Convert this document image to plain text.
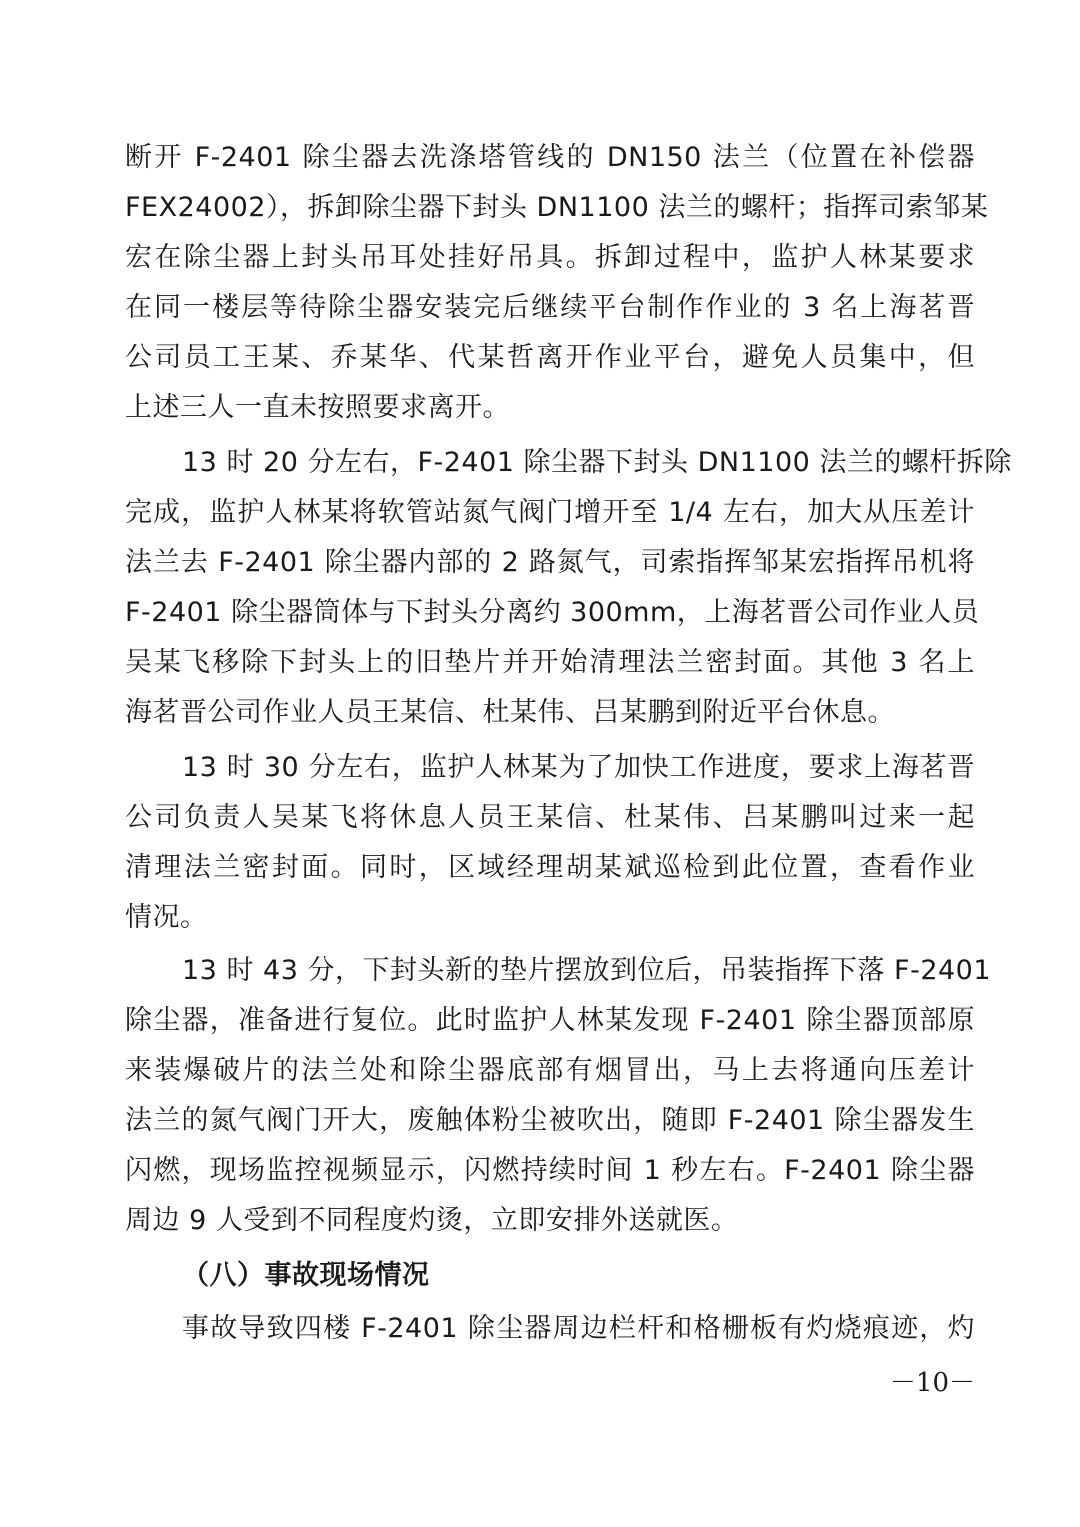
断开 F-2401 除尘器去洗涤塔管线的 DN150 法兰（位置在补偿器
FEX24002），拆卸除尘器下封头 DN1100 法兰的螺杆；指挥司索邹某
宏在除尘器上封头吊耳处挂好吊具。拆卸过程中，监护人林某要求
在同一楼层等待除尘器安装完后继续平台制作作业的 3 名上海茗晋
公司员工王某、乔某华、代某哲离开作业平台，避免人员集中，但
上述三人一直未按照要求离开。
13 时 20 分左右，F-2401 除尘器下封头 DN1100 法兰的螺杆拆除
完成，监护人林某将软管站氮气阀门增开至 1/4 左右，加大从压差计
法兰去 F-2401 除尘器内部的 2 路氮气，司索指挥邹某宏指挥吊机将
F-2401 除尘器筒体与下封头分离约 300mm，上海茗晋公司作业人员
吴某飞移除下封头上的旧垫片并开始清理法兰密封面。其他 3 名上
海茗晋公司作业人员王某信、杜某伟、吕某鹏到附近平台休息。
13 时 30 分左右，监护人林某为了加快工作进度，要求上海茗晋
公司负责人吴某飞将休息人员王某信、杜某伟、吕某鹏叫过来一起
清理法兰密封面。同时，区域经理胡某斌巡检到此位置，查看作业
情况。
13 时 43 分，下封头新的垫片摆放到位后，吊装指挥下落 F-2401
除尘器，准备进行复位。此时监护人林某发现 F-2401 除尘器顶部原
来装爆破片的法兰处和除尘器底部有烟冒出，马上去将通向压差计
法兰的氮气阀门开大，废触体粉尘被吹出，随即 F-2401 除尘器发生
闪燃，现场监控视频显示，闪燃持续时间 1 秒左右。F-2401 除尘器
周边 9 人受到不同程度灼烫，立即安排外送就医。
（八）事故现场情况
事故导致四楼 F-2401 除尘器周边栏杆和格栅板有灼烧痕迹，灼
－10－
